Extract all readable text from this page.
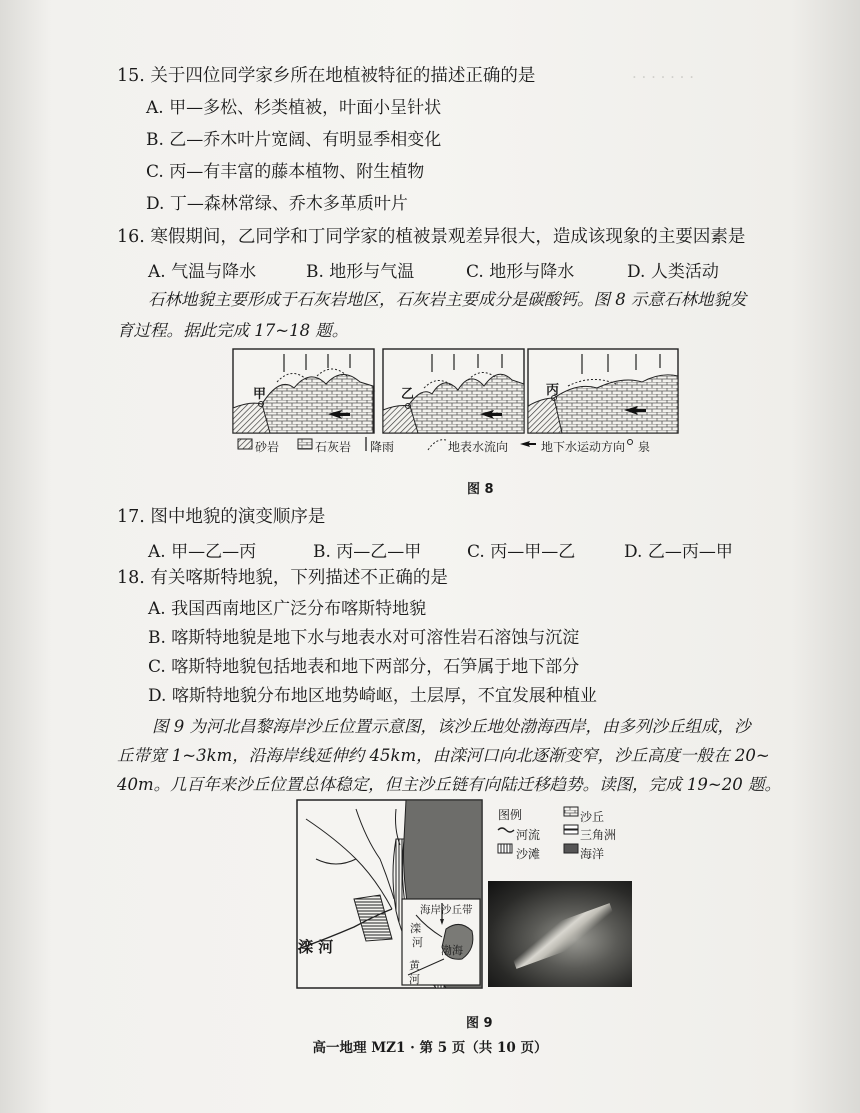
· · · · · · ·
15. 关于四位同学家乡所在地植被特征的描述正确的是
A. 甲—多松、杉类植被，叶面小呈针状
B. 乙—乔木叶片宽阔、有明显季相变化
C. 丙—有丰富的藤本植物、附生植物
D. 丁—森林常绿、乔木多革质叶片
16. 寒假期间，乙同学和丁同学家的植被景观差异很大，造成该现象的主要因素是
A. 气温与降水	B. 地形与气温	C. 地形与降水	D. 人类活动
石林地貌主要形成于石灰岩地区，石灰岩主要成分是碳酸钙。图 8 示意石林地貌发
育过程。据此完成 17~18 题。
甲	乙	丙
砂岩	石灰岩 降雨	地表水流向	地下水运动方向 泉
图 8
17. 图中地貌的演变顺序是
A. 甲—乙—丙	B. 丙—乙—甲	C. 丙—甲—乙	D. 乙—丙—甲
18. 有关喀斯特地貌，下列描述不正确的是
A. 我国西南地区广泛分布喀斯特地貌
B. 喀斯特地貌是地下水与地表水对可溶性岩石溶蚀与沉淀
C. 喀斯特地貌包括地表和地下两部分，石笋属于地下部分
D. 喀斯特地貌分布地区地势崎岖，土层厚，不宜发展种植业
图 9 为河北昌黎海岸沙丘位置示意图，该沙丘地处渤海西岸，由多列沙丘组成，沙
丘带宽 1~3km，沿海岸线延伸约 45km，由滦河口向北逐渐变窄，沙丘高度一般在 20~
40m。几百年来沙丘位置总体稳定，但主沙丘链有向陆迁移趋势。读图，完成 19~20 题。
滦 河
海岸沙丘带
滦
河
渤海
黄
河
图例	沙丘
河流	三角洲
沙滩	海洋
图 9
高一地理 MZ1 · 第 5 页（共 10 页）
